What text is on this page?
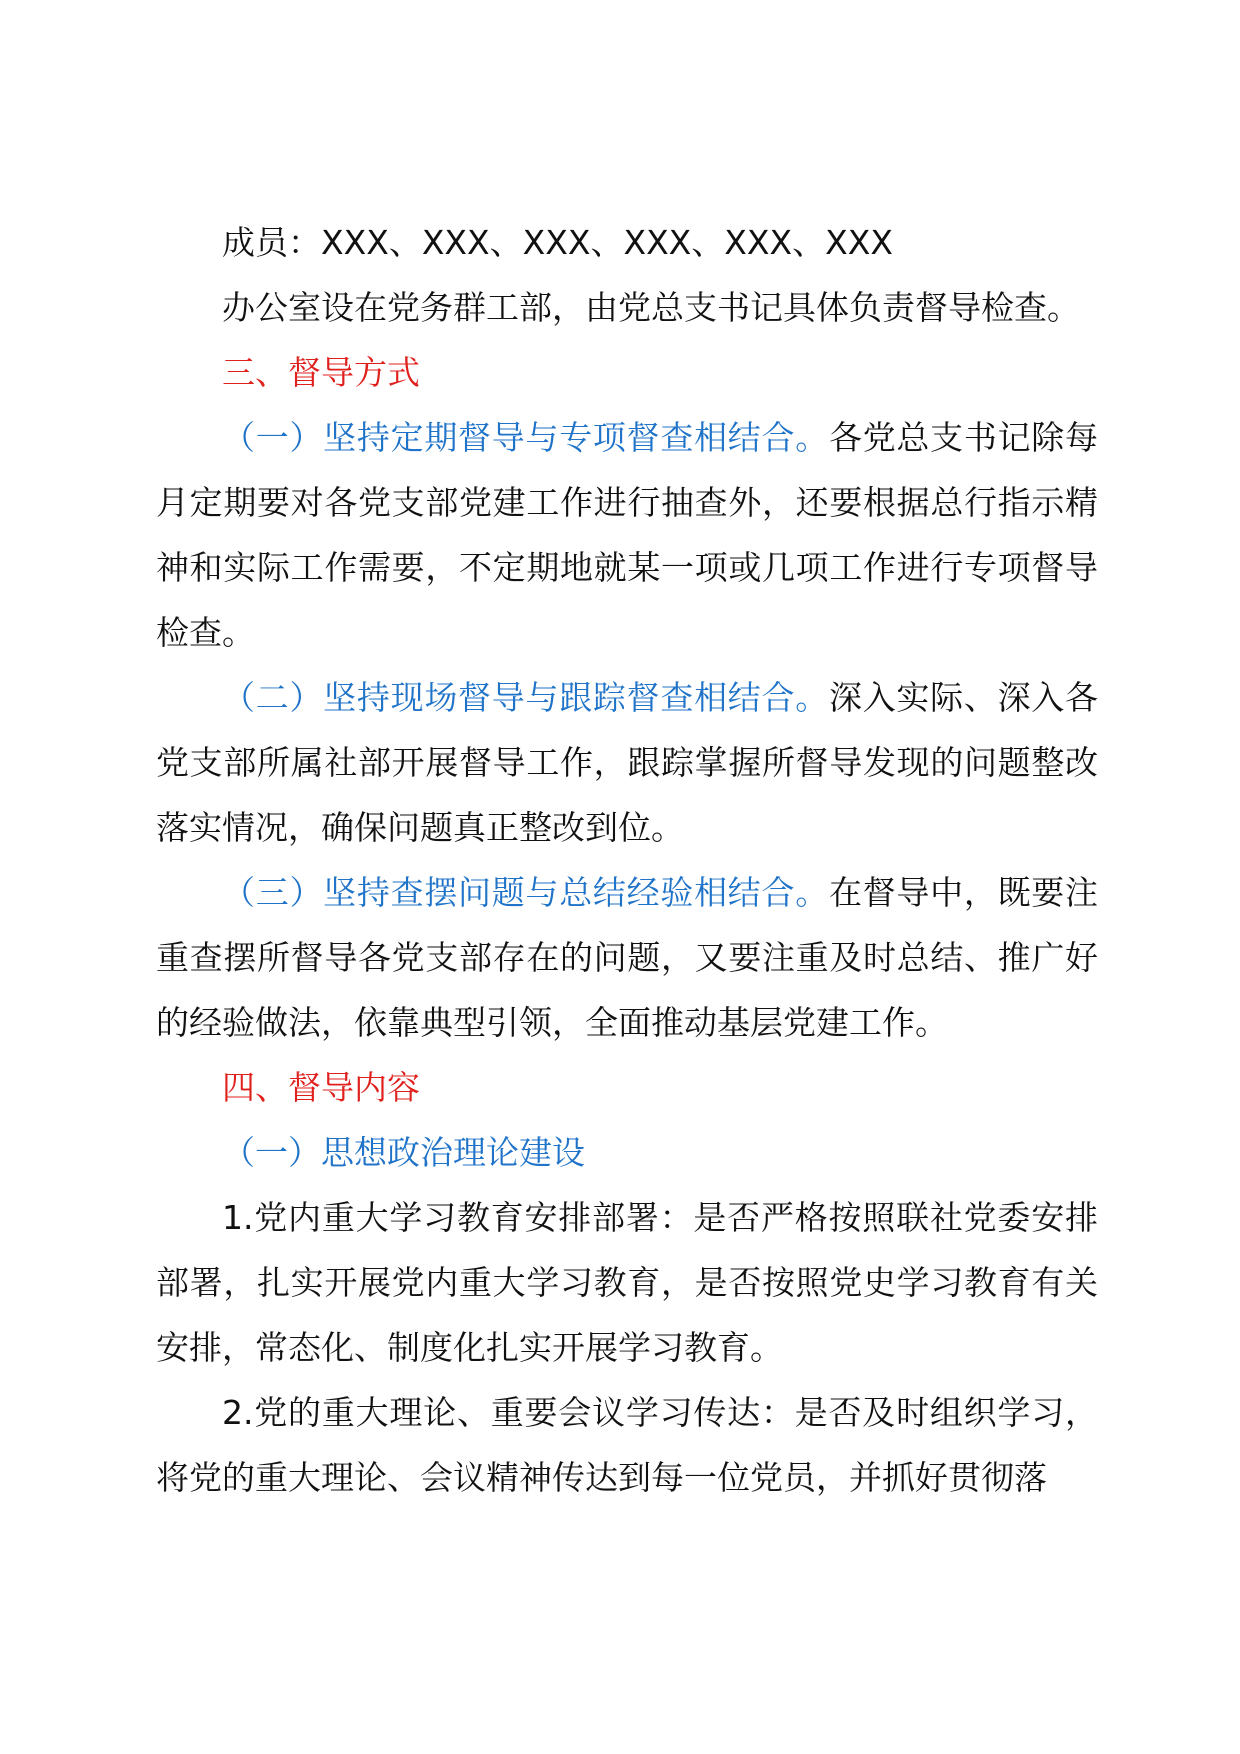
成员：XXX、XXX、XXX、XXX、XXX、XXX

办公室设在党务群工部，由党总支书记具体负责督导检查。

三、督导方式

（一）坚持定期督导与专项督查相结合。各党总支书记除每月定期要对各党支部党建工作进行抽查外，还要根据总行指示精神和实际工作需要，不定期地就某一项或几项工作进行专项督导检查。

（二）坚持现场督导与跟踪督查相结合。深入实际、深入各党支部所属社部开展督导工作，跟踪掌握所督导发现的问题整改落实情况，确保问题真正整改到位。

（三）坚持查摆问题与总结经验相结合。在督导中，既要注重查摆所督导各党支部存在的问题，又要注重及时总结、推广好的经验做法，依靠典型引领，全面推动基层党建工作。

四、督导内容

（一）思想政治理论建设

1.党内重大学习教育安排部署：是否严格按照联社党委安排部署，扎实开展党内重大学习教育，是否按照党史学习教育有关安排，常态化、制度化扎实开展学习教育。

2.党的重大理论、重要会议学习传达：是否及时组织学习，将党的重大理论、会议精神传达到每一位党员，并抓好贯彻落
